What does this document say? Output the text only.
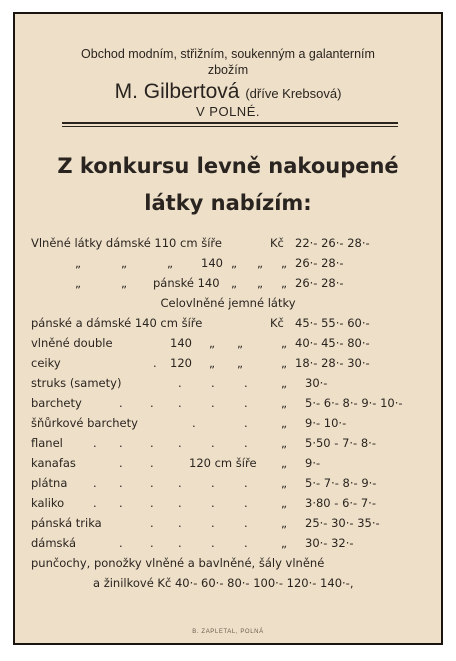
Obchod modním, střižním, soukenným a galanterním
zbožím
M. Gilbertová (dříve Krebsová)
V POLNÉ.
Z konkursu levně nakoupené
látky nabízím:
Vlněné látky dámské 110 cm šíře	Kč 22·- 26·- 28·-
„	„	„ 140 „ „ „ 26·- 28·-
„	„ pánské 140 „ „ „ 26·- 28·-
pánské a dámské 140 cm šíře	Kč 45·- 55·- 60·-
vlněné double	140 „ „	„ 40·- 45·- 80·-
ceiky	. 120 „ „	„ 18·- 28·- 30·-
struks (samety)	.	.	.	„ 30·-
barchety	. . .	.	.	„ 5·- 6·- 8·- 9·- 10·-
šňůrkové barchety	.	.	„ 9·- 10·-
flanel	. . . .	.	.	„ 5·50 - 7·- 8·-
kanafas	. .	120 cm šíře „ 9·-
plátna . . . .	.	.	„ 5·- 7·- 8·- 9·-
kaliko	. . . .	.	.	„ 3·80 - 6·- 7·-
pánská trika	. .	.	.	„ 25·- 30·- 35·-
dámská	. . .	.	.	„ 30·- 32·-
punčochy, ponožky vlněné a bavlněné, šály vlněné
a žinilkové Kč 40·- 60·- 80·- 100·- 120·- 140·-,
Celovlněné jemné látky
B. ZAPLETAL, POLNÁ
